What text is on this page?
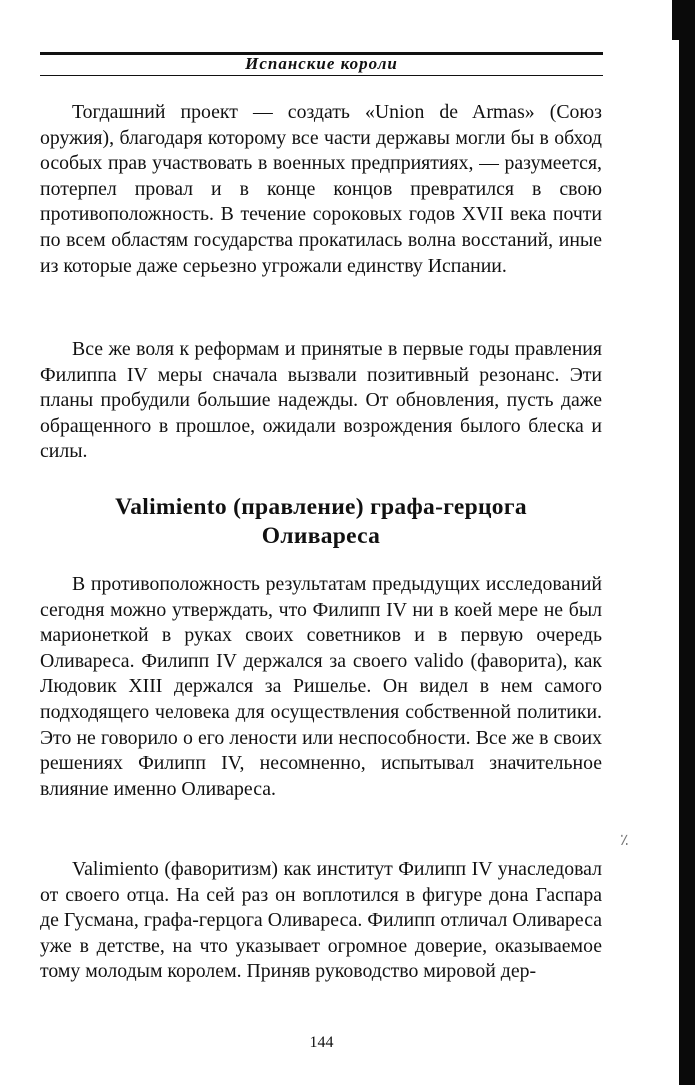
Испанские короли

Тогдашний проект — создать «Union de Armas» (Союз оружия), благодаря которому все части державы могли бы в обход особых прав участвовать в военных предприятиях, — разумеется, потерпел провал и в конце концов превратился в свою противоположность. В течение сороковых годов XVII века почти по всем областям государства прокатилась волна восстаний, иные из которые даже серьезно угрожали единству Испании.

Все же воля к реформам и принятые в первые годы правления Филиппа IV меры сначала вызвали позитивный резонанс. Эти планы пробудили большие надежды. От обновления, пусть даже обращенного в прошлое, ожидали возрождения былого блеска и силы.

Valimiento (правление) графа-герцога
Оливареса

В противоположность результатам предыдущих исследований сегодня можно утверждать, что Филипп IV ни в коей мере не был марионеткой в руках своих советников и в первую очередь Оливареса. Филипп IV держался за своего valido (фаворита), как Людовик XIII держался за Ришелье. Он видел в нем самого подходящего человека для осуществления собственной политики. Это не говорило о его лености или неспособности. Все же в своих решениях Филипп IV, несомненно, испытывал значительное влияние именно Оливареса.

Valimiento (фаворитизм) как институт Филипп IV унаследовал от своего отца. На сей раз он воплотился в фигуре дона Гаспара де Гусмана, графа-герцога Оливареса. Филипп отличал Оливареса уже в детстве, на что указывает огромное доверие, оказываемое тому молодым королем. Приняв руководство мировой дер-

٪
144
